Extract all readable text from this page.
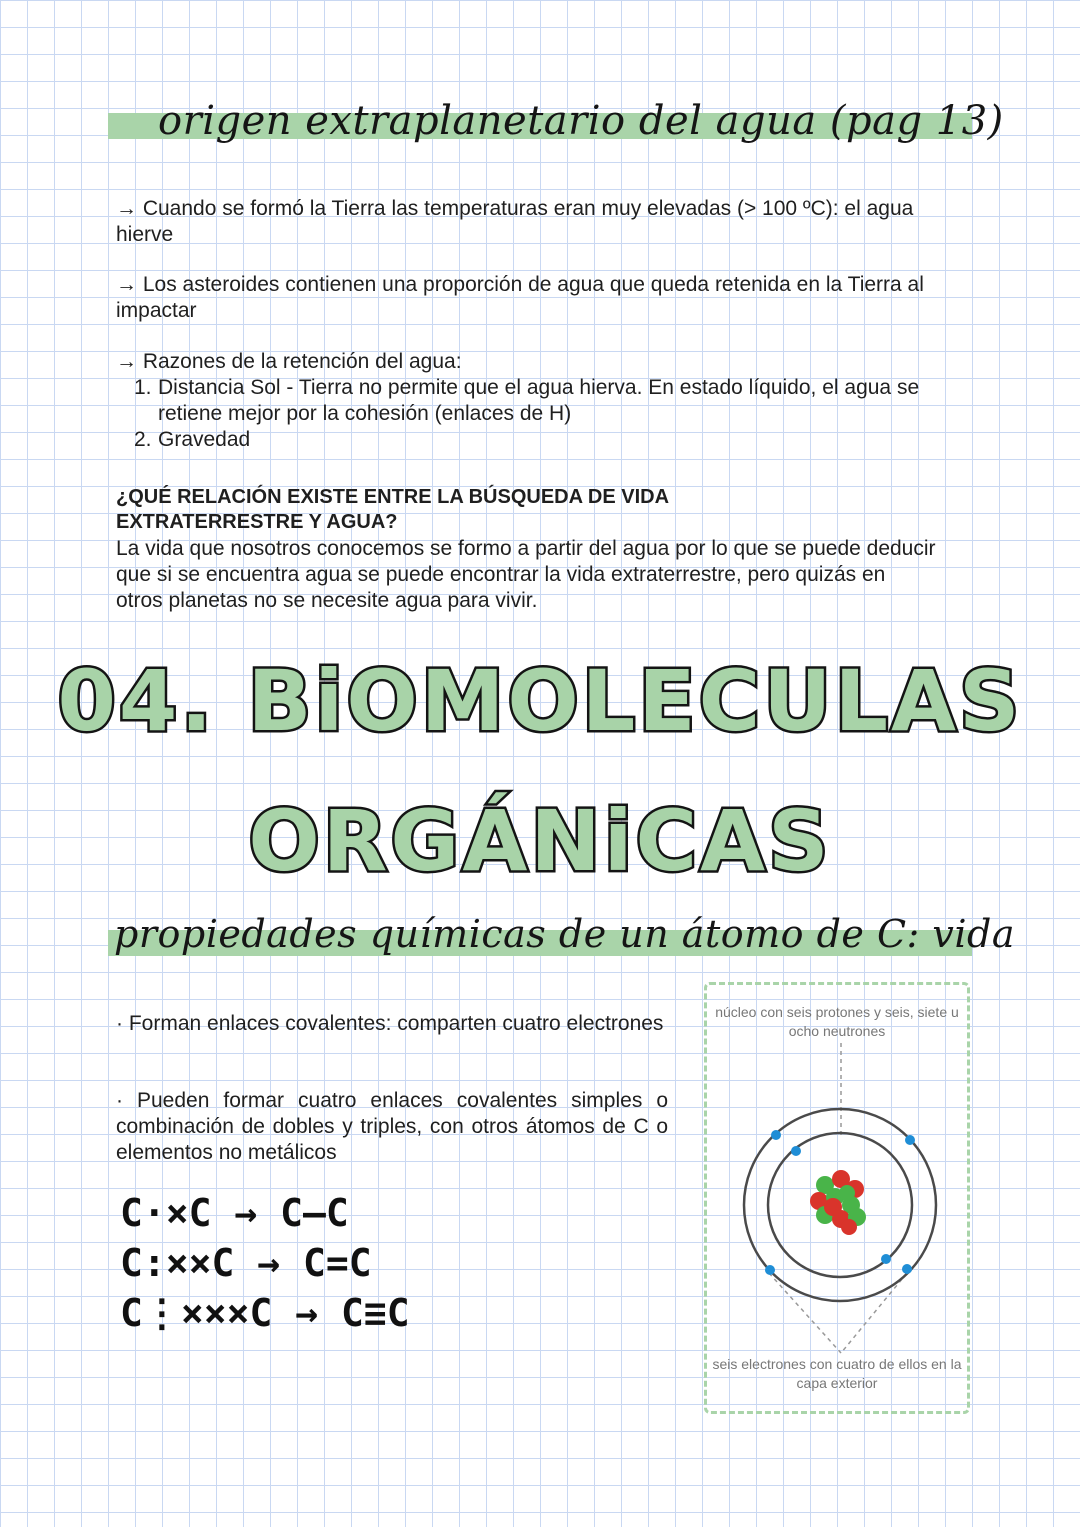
origen extraplanetario del agua (pag 13)

→ Cuando se formó la Tierra las temperaturas eran muy elevadas (> 100 ºC): el agua hierve

→ Los asteroides contienen una proporción de agua que queda retenida en la Tierra al impactar

→ Razones de la retención del agua:

1. Distancia Sol - Tierra no permite que el agua hierva. En estado líquido, el agua se retiene mejor por la cohesión (enlaces de H)
2. Gravedad
¿QUÉ RELACIÓN EXISTE ENTRE LA BÚSQUEDA DE VIDA EXTRATERRESTRE Y AGUA?

La vida que nosotros conocemos se formo a partir del agua por lo que se puede deducir que si se encuentra agua se puede encontrar la vida extraterrestre, pero quizás en otros planetas no se necesite agua para vivir.

04. BiOMOLECULAS
ORGÁNiCAS
propiedades químicas de un átomo de C: vida

· Forman enlaces covalentes: comparten cuatro electrones

· Pueden formar cuatro enlaces covalentes simples o combinación de dobles y triples, con otros átomos de C o elementos no metálicos

C·×C → C–C
C:××C → C=C
C⋮×××C → C≡C
núcleo con seis protones y seis, siete u ocho neutrones
seis electrones con cuatro de ellos en la capa exterior
